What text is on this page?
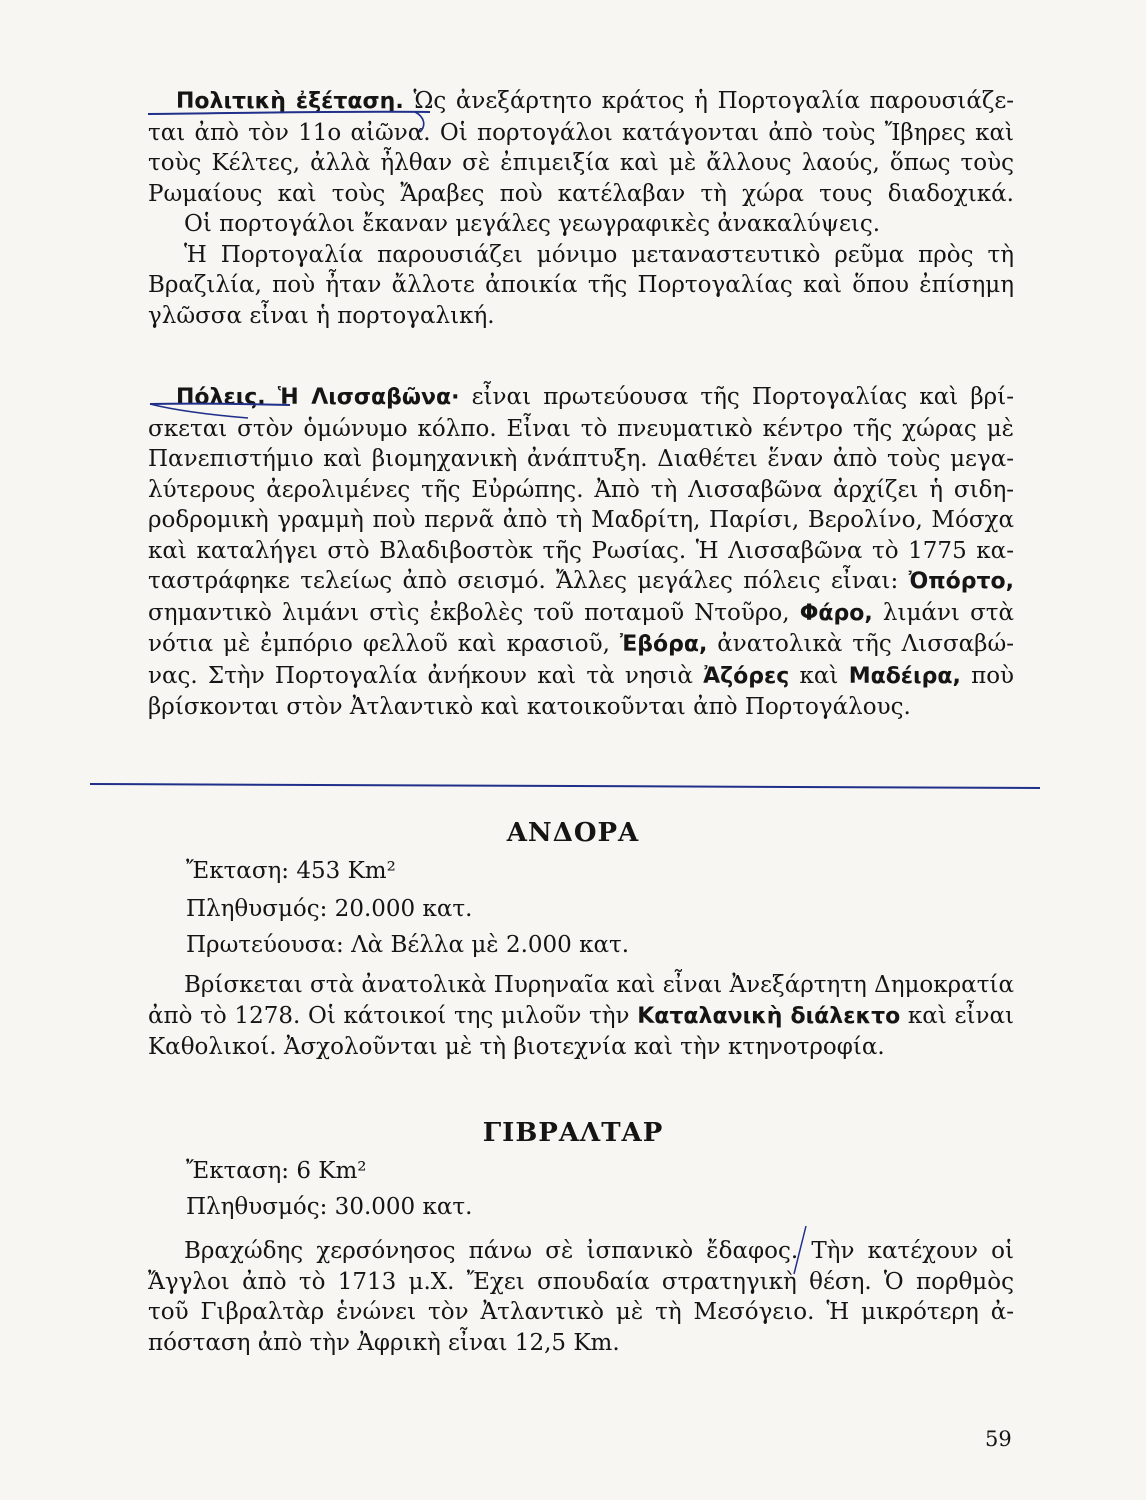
Πολιτικὴ ἐξέταση. Ὡς ἀνεξάρτητο κράτος ἡ Πορτογαλία παρουσιάζε-
ται ἀπὸ τὸν 11ο αἰῶνα. Οἱ πορτογάλοι κατάγονται ἀπὸ τοὺς Ἴβηρες καὶ
τοὺς Κέλτες, ἀλλὰ ἦλθαν σὲ ἐπιμειξία καὶ μὲ ἄλλους λαούς, ὅπως τοὺς
Ρωμαίους καὶ τοὺς Ἄραβες ποὺ κατέλαβαν τὴ χώρα τους διαδοχικά.
Οἱ πορτογάλοι ἔκαναν μεγάλες γεωγραφικὲς ἀνακαλύψεις.
Ἡ Πορτογαλία παρουσιάζει μόνιμο μεταναστευτικὸ ρεῦμα πρὸς τὴ
Βραζιλία, ποὺ ἦταν ἄλλοτε ἀποικία τῆς Πορτογαλίας καὶ ὅπου ἐπίσημη
γλῶσσα εἶναι ἡ πορτογαλική.
Πόλεις. Ἡ Λισσαβῶνα· εἶναι πρωτεύουσα τῆς Πορτογαλίας καὶ βρί-
σκεται στὸν ὁμώνυμο κόλπο. Εἶναι τὸ πνευματικὸ κέντρο τῆς χώρας μὲ
Πανεπιστήμιο καὶ βιομηχανικὴ ἀνάπτυξη. Διαθέτει ἕναν ἀπὸ τοὺς μεγα-
λύτερους ἀερολιμένες τῆς Εὐρώπης. Ἀπὸ τὴ Λισσαβῶνα ἀρχίζει ἡ σιδη-
ροδρομικὴ γραμμὴ ποὺ περνᾶ ἀπὸ τὴ Μαδρίτη, Παρίσι, Βερολίνο, Μόσχα
καὶ καταλήγει στὸ Βλαδιβοστὸκ τῆς Ρωσίας. Ἡ Λισσαβῶνα τὸ 1775 κα-
ταστράφηκε τελείως ἀπὸ σεισμό. Ἄλλες μεγάλες πόλεις εἶναι: Ὀπόρτο,
σημαντικὸ λιμάνι στὶς ἐκβολὲς τοῦ ποταμοῦ Ντοῦρο, Φάρο, λιμάνι στὰ
νότια μὲ ἐμπόριο φελλοῦ καὶ κρασιοῦ, Ἐβόρα, ἀνατολικὰ τῆς Λισσαβώ-
νας. Στὴν Πορτογαλία ἀνήκουν καὶ τὰ νησιὰ Ἀζόρες καὶ Μαδέιρα, ποὺ
βρίσκονται στὸν Ἀτλαντικὸ καὶ κατοικοῦνται ἀπὸ Πορτογάλους.
ΑΝΔΟΡΑ

Ἔκταση: 453 Km²

Πληθυσμός: 20.000 κατ.

Πρωτεύουσα: Λὰ Βέλλα μὲ 2.000 κατ.

Βρίσκεται στὰ ἀνατολικὰ Πυρηναῖα καὶ εἶναι Ἀνεξάρτητη Δημοκρατία
ἀπὸ τὸ 1278. Οἱ κάτοικοί της μιλοῦν τὴν Καταλανικὴ διάλεκτο καὶ εἶναι
Καθολικοί. Ἀσχολοῦνται μὲ τὴ βιοτεχνία καὶ τὴν κτηνοτροφία.
ΓΙΒΡΑΛΤΑΡ

Ἔκταση: 6 Km²

Πληθυσμός: 30.000 κατ.

Βραχώδης χερσόνησος πάνω σὲ ἰσπανικὸ ἔδαφος. Τὴν κατέχουν οἱ
Ἄγγλοι ἀπὸ τὸ 1713 μ.Χ. Ἔχει σπουδαία στρατηγικὴ θέση. Ὁ πορθμὸς
τοῦ Γιβραλτὰρ ἑνώνει τὸν Ἀτλαντικὸ μὲ τὴ Μεσόγειο. Ἡ μικρότερη ἀ-
πόσταση ἀπὸ τὴν Ἀφρικὴ εἶναι 12,5 Km.
59
